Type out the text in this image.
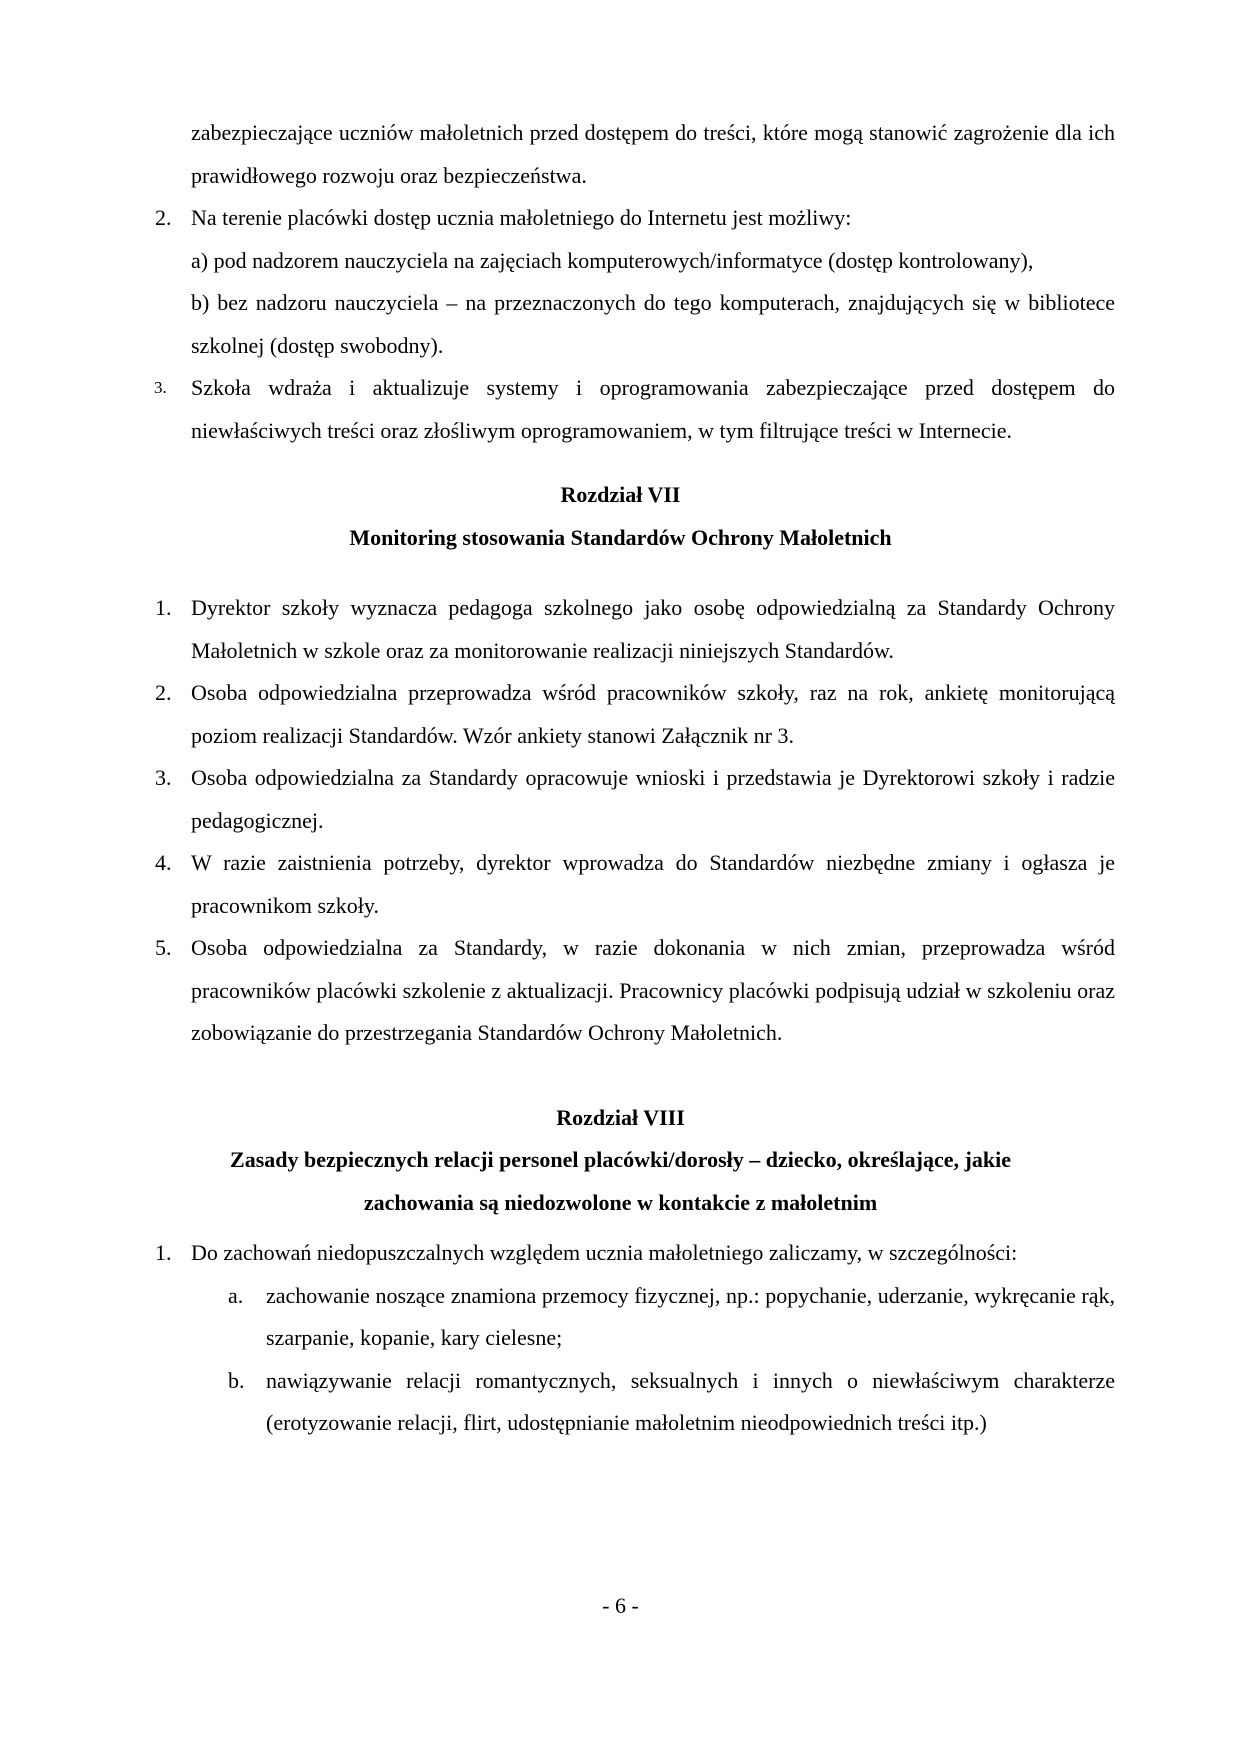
zabezpieczające uczniów małoletnich przed dostępem do treści, które mogą stanowić zagrożenie dla ich prawidłowego rozwoju oraz bezpieczeństwa.

2. Na terenie placówki dostęp ucznia małoletniego do Internetu jest możliwy:

a) pod nadzorem nauczyciela na zajęciach komputerowych/informatyce (dostęp kontrolowany),

b) bez nadzoru nauczyciela – na przeznaczonych do tego komputerach, znajdujących się w bibliotece szkolnej (dostęp swobodny).

3. Szkoła wdraża i aktualizuje systemy i oprogramowania zabezpieczające przed dostępem do niewłaściwych treści oraz złośliwym oprogramowaniem, w tym filtrujące treści w Internecie.

Rozdział VII
Monitoring stosowania Standardów Ochrony Małoletnich
1. Dyrektor szkoły wyznacza pedagoga szkolnego jako osobę odpowiedzialną za Standardy Ochrony Małoletnich w szkole oraz za monitorowanie realizacji niniejszych Standardów.

2. Osoba odpowiedzialna przeprowadza wśród pracowników szkoły, raz na rok, ankietę monitorującą poziom realizacji Standardów. Wzór ankiety stanowi Załącznik nr 3.

3. Osoba odpowiedzialna za Standardy opracowuje wnioski i przedstawia je Dyrektorowi szkoły i radzie pedagogicznej.

4. W razie zaistnienia potrzeby, dyrektor wprowadza do Standardów niezbędne zmiany i ogłasza je pracownikom szkoły.

5. Osoba odpowiedzialna za Standardy, w razie dokonania w nich zmian, przeprowadza wśród pracowników placówki szkolenie z aktualizacji. Pracownicy placówki podpisują udział w szkoleniu oraz zobowiązanie do przestrzegania Standardów Ochrony Małoletnich.

Rozdział VIII
Zasady bezpiecznych relacji personel placówki/dorosły – dziecko, określające, jakie
zachowania są niedozwolone w kontakcie z małoletnim
1. Do zachowań niedopuszczalnych względem ucznia małoletniego zaliczamy, w szczególności:

a. zachowanie noszące znamiona przemocy fizycznej, np.: popychanie, uderzanie, wykręcanie rąk, szarpanie, kopanie, kary cielesne;

b. nawiązywanie relacji romantycznych, seksualnych i innych o niewłaściwym charakterze (erotyzowanie relacji, flirt, udostępnianie małoletnim nieodpowiednich treści itp.)

- 6 -
